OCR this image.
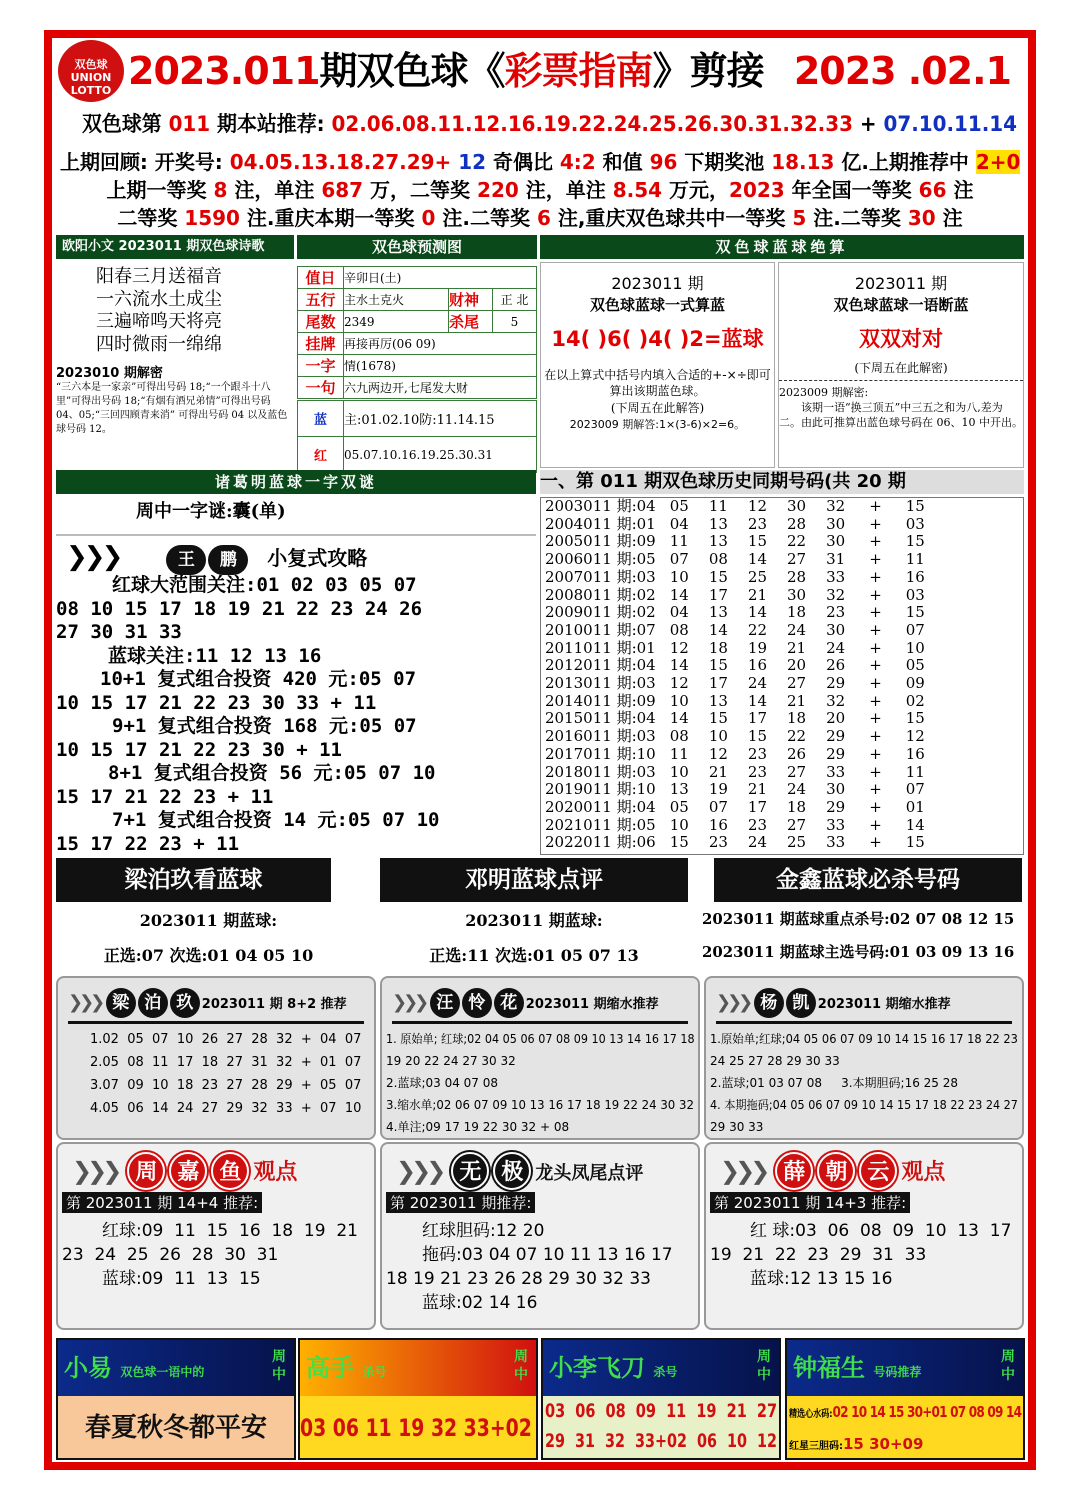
双色球 UNION LOTTO 2023.011期双色球《彩票指南》剪接 2023 .02.1
双色球第 011 期本站推荐: 02.06.08.11.12.16.19.22.24.25.26.30.31.32.33 + 07.10.11.14
上期回顾: 开奖号: 04.05.13.18.27.29+ 12 奇偶比 4:2 和值 96 下期奖池 18.13 亿.上期推荐中 2+0
上期一等奖 8 注，单注 687 万，二等奖 220 注，单注 8.54 万元，2023 年全国一等奖 66 注
二等奖 1590 注.重庆本期一等奖 0 注.二等奖 6 注,重庆双色球共中一等奖 5 注.二等奖 30 注
欧阳小文 2023011 期双色球诗歌
阳春三月送福音
一六流水土成尘
三遍啼鸣天将亮
四时微雨一绵绵
2023010 期解密
“三六本是一家亲”可得出号码 18;“一个跟斗十八里”可得出号码 18;“有烟有酒兄弟情”可得出号码 04、05;“三回四顾青来消” 可得出号码 04 以及蓝色球号码 12。
双色球预测图
值日	辛卯日(土)		
五行	主水土克火	财神	正 北
尾数	2349	杀尾	5
挂牌	再接再厉(06 09)		
一字	情(1678)		
一句	六九两边开,七尾发大财		
蓝	主:01.02.10防:11.14.15
红	05.07.10.16.19.25.30.31
双色球蓝球绝算
2023011 期
双色球蓝球一式算蓝
14( )6( )4( )2=蓝球
在以上算式中括号内填入合适的+-×÷即可算出该期蓝色球。
(下周五在此解答)
2023009 期解答:1×(3-6)×2=6。
2023011 期
双色球蓝球一语断蓝
双双对对
(下周五在此解密)
2023009 期解密:
该期一语“换三顶五”中三五之和为八,差为二。由此可推算出蓝色球号码在 06、10 中开出。
诸葛明蓝球一字双谜
周中一字谜:囊(单)
一、第 011 期双色球历史同期号码(共 20 期
2003011 期:04	05	11	12	30	32	+	15
2004011 期:01	04	13	23	28	30	+	03
2005011 期:09	11	13	15	22	30	+	15
2006011 期:05	07	08	14	27	31	+	11
2007011 期:03	10	15	25	28	33	+	16
2008011 期:02	14	17	21	30	32	+	03
2009011 期:02	04	13	14	18	23	+	15
2010011 期:07	08	14	22	24	30	+	07
2011011 期:01	12	18	19	21	24	+	10
2012011 期:04	14	15	16	20	26	+	05
2013011 期:03	12	17	24	27	29	+	09
2014011 期:09	10	13	14	21	32	+	02
2015011 期:04	14	15	17	18	20	+	15
2016011 期:03	08	10	15	22	29	+	12
2017011 期:10	11	12	23	26	29	+	16
2018011 期:03	10	21	23	27	33	+	11
2019011 期:10	13	19	21	24	30	+	07
2020011 期:04	05	07	17	18	29	+	01
2021011 期:05	10	16	23	27	33	+	14
2022011 期:06	15	23	24	25	33	+	15
❯❯❯	王 鹏 小复式攻略
红球大范围关注:01 02 03 05 07
08 10 15 17 18 19 21 22 23 24 26
27 30 31 33
蓝球关注:11 12 13 16
10+1 复式组合投资 420 元:05 07
10 15 17 21 22 23 30 33 + 11
9+1 复式组合投资 168 元:05 07
10 15 17 21 22 23 30 + 11
8+1 复式组合投资 56 元:05 07 10
15 17 21 22 23 + 11
7+1 复式组合投资 14 元:05 07 10
15 17 22 23 + 11
梁泊玖看蓝球
2023011 期蓝球:
正选:07 次选:01 04 05 10
邓明蓝球点评
2023011 期蓝球:
正选:11 次选:01 05 07 13
金鑫蓝球必杀号码
2023011 期蓝球重点杀号:02 07 08 12 15
2023011 期蓝球主选号码:01 03 09 13 16
❯❯❯ 梁 泊 玖 2023011 期 8+2 推荐
1.02  05  07  10  26  27  28  32  +  04  07
2.05  08  11  17  18  27  31  32  +  01  07
3.07  09  10  18  23  27  28  29  +  05  07
4.05  06  14  24  27  29  32  33  +  07  10
❯❯❯ 汪 怜 花 2023011 期缩水推荐
1. 原始单; 红球;02 04 05 06 07 08 09 10 13 14 16 17 18
19 20 22 24 27 30 32
2.蓝球;03 04 07 08
3.缩水单;02 06 07 09 10 13 16 17 18 19 22 24 30 32
4.单注;09 17 19 22 30 32 + 08
❯❯❯ 杨 凯 2023011 期缩水推荐
1.原始单;红球;04 05 06 07 09 10 14 15 16 17 18 22 23
24 25 27 28 29 30 33
2.蓝球;01 03 07 08     3.本期胆码;16 25 28
4. 本期拖码;04 05 06 07 09 10 14 15 17 18 22 23 24 27
29 30 33
❯❯❯ 周 嘉 鱼 观点
第 2023011 期 14+4 推荐:
红球:09  11  15  16  18  19  21
23  24  25  26  28  30  31
蓝球:09  11  13  15
❯❯❯ 无 极 龙头凤尾点评
第 2023011 期推荐:
红球胆码:12 20
拖码:03 04 07 10 11 13 16 17
18 19 21 23 26 28 29 30 32 33
蓝球:02 14 16
❯❯❯ 薛 朝 云 观点
第 2023011 期 14+3 推荐:
红 球:03  06  08  09  10  13  17
19  21  22  23  29  31  33
蓝球:12 13 15 16
小易 双色球一语中的
周中
春夏秋冬都平安
高手 杀号
周中
03 06 11 19 32 33+02
小李飞刀 杀号
周中
03  06  08  09  11  19  21  27
29  31  32  33+02  06  10  12
钟福生 号码推荐
周中
精选心水码:02 10 14 15 30+01 07 08 09 14
红星三胆码:15 30+09
